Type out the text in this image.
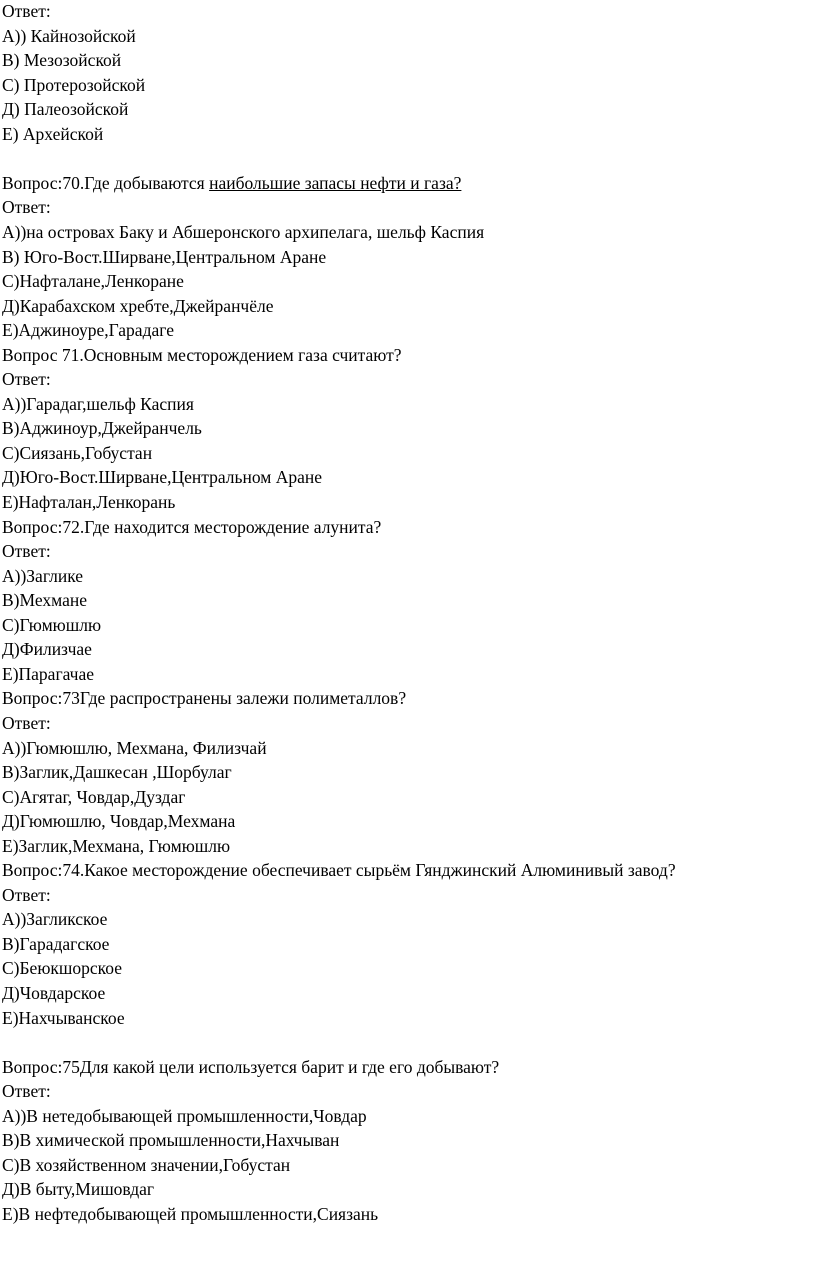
Ответ:
А)) Кайнозойской
В) Мезозойской
С) Протерозойской
Д) Палеозойской
Е) Архейской
Вопрос:70.Где добываются наибольшие запасы нефти и газа?
Ответ:
А))на островах Баку и Абшеронского архипелага, шельф Каспия
В) Юго-Вост.Ширване,Центральном Аране
С)Нафталане,Ленкоране
Д)Карабахском хребте,Джейранчёле
Е)Аджиноуре,Гарадаге
Вопрос 71.Основным месторождением газа считают?
Ответ:
А))Гарадаг,шельф Каспия
В)Аджиноур,Джейранчель
С)Сиязань,Гобустан
Д)Юго-Вост.Ширване,Центральном Аране
Е)Нафталан,Ленкорань
Вопрос:72.Где находится месторождение алунита?
Ответ:
А))Заглике
В)Мехмане
С)Гюмюшлю
Д)Филизчае
Е)Парагачае
Вопрос:73Где распространены залежи полиметаллов?
Ответ:
А))Гюмюшлю, Мехмана, Филизчай
В)Заглик,Дашкесан ,Шорбулаг
С)Агятаг, Човдар,Дуздаг
Д)Гюмюшлю, Човдар,Мехмана
Е)Заглик,Мехмана, Гюмюшлю
Вопрос:74.Какое месторождение обеспечивает сырьём Гянджинский Алюминивый завод?
Ответ:
А))Загликское
В)Гарадагское
С)Беюкшорское
Д)Човдарское
Е)Нахчыванское
Вопрос:75Для какой цели используется барит и где его добывают?
Ответ:
А))В нетедобывающей промышленности,Човдар
В)В химической промышленности,Нахчыван
С)В хозяйственном значении,Гобустан
Д)В быту,Мишовдаг
Е)В нефтедобывающей промышленности,Сиязань
